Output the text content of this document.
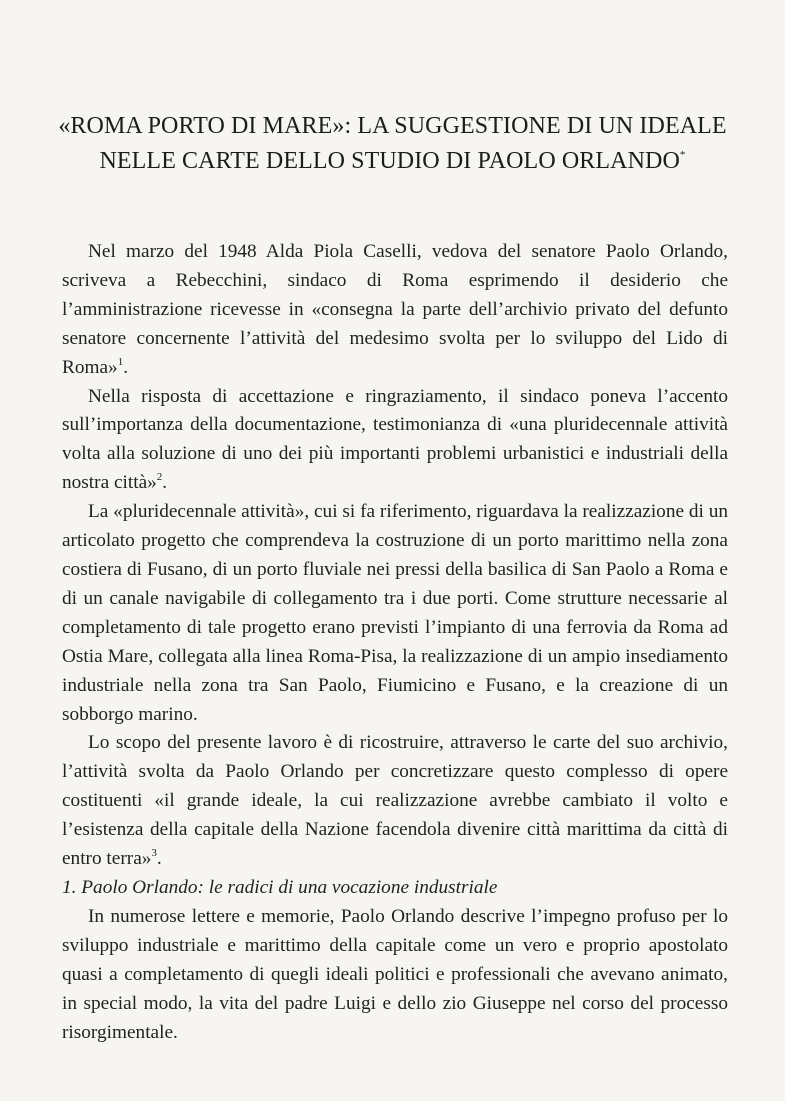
«ROMA PORTO DI MARE»: LA SUGGESTIONE DI UN IDEALE
NELLE CARTE DELLO STUDIO DI PAOLO ORLANDO*

Nel marzo del 1948 Alda Piola Caselli, vedova del senatore Paolo Orlando, scriveva a Rebecchini, sindaco di Roma esprimendo il desiderio che l’amministrazione ricevesse in «consegna la parte dell’archivio privato del defunto senatore concernente l’attività del medesimo svolta per lo sviluppo del Lido di Roma»$^1$.

Nella risposta di accettazione e ringraziamento, il sindaco poneva l’accento sull’importanza della documentazione, testimonianza di «una pluridecennale attività volta alla soluzione di uno dei più importanti problemi urbanistici e industriali della nostra città»$^2$.

La «pluridecennale attività», cui si fa riferimento, riguardava la realizzazione di un articolato progetto che comprendeva la costruzione di un porto marittimo nella zona costiera di Fusano, di un porto fluviale nei pressi della basilica di San Paolo a Roma e di un canale navigabile di collegamento tra i due porti. Come strutture necessarie al completamento di tale progetto erano previsti l’impianto di una ferrovia da Roma ad Ostia Mare, collegata alla linea Roma-Pisa, la realizzazione di un ampio insediamento industriale nella zona tra San Paolo, Fiumicino e Fusano, e la creazione di un sobborgo marino.

Lo scopo del presente lavoro è di ricostruire, attraverso le carte del suo archivio, l’attività svolta da Paolo Orlando per concretizzare questo complesso di opere costituenti «il grande ideale, la cui realizzazione avrebbe cambiato il volto e l’esistenza della capitale della Nazione facendola divenire città marittima da città di entro terra»$^3$.

1. Paolo Orlando: le radici di una vocazione industriale

In numerose lettere e memorie, Paolo Orlando descrive l’impegno profuso per lo sviluppo industriale e marittimo della capitale come un vero e proprio apostolato quasi a completamento di quegli ideali politici e professionali che avevano animato, in special modo, la vita del padre Luigi e dello zio Giuseppe nel corso del processo risorgimentale.
